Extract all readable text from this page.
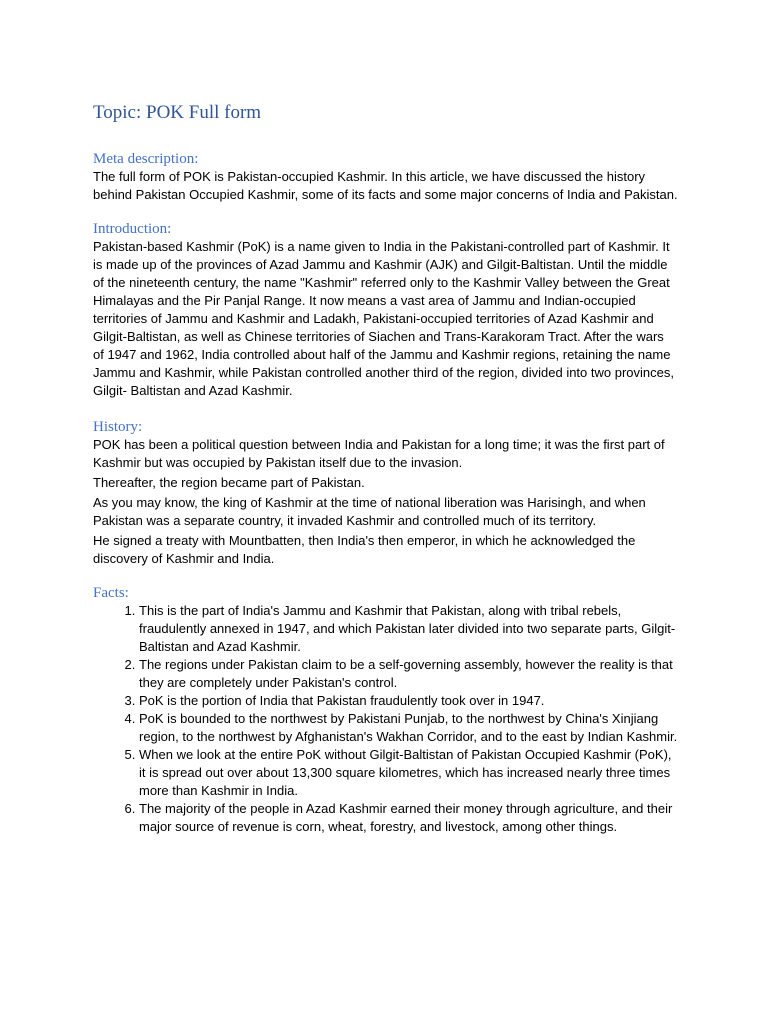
Topic: POK Full form
Meta description:

The full form of POK is Pakistan-occupied Kashmir. In this article, we have discussed the history behind Pakistan Occupied Kashmir, some of its facts and some major concerns of India and Pakistan.

Introduction:

Pakistan-based Kashmir (PoK) is a name given to India in the Pakistani-controlled part of Kashmir. It is made up of the provinces of Azad Jammu and Kashmir (AJK) and Gilgit-Baltistan. Until the middle of the nineteenth century, the name "Kashmir" referred only to the Kashmir Valley between the Great Himalayas and the Pir Panjal Range. It now means a vast area of Jammu and Indian-occupied territories of Jammu and Kashmir and Ladakh, Pakistani-occupied territories of Azad Kashmir and Gilgit-Baltistan, as well as Chinese territories of Siachen and Trans-Karakoram Tract. After the wars of 1947 and 1962, India controlled about half of the Jammu and Kashmir regions, retaining the name Jammu and Kashmir, while Pakistan controlled another third of the region, divided into two provinces, Gilgit- Baltistan and Azad Kashmir.

History:

POK has been a political question between India and Pakistan for a long time; it was the first part of Kashmir but was occupied by Pakistan itself due to the invasion.

Thereafter, the region became part of Pakistan.

As you may know, the king of Kashmir at the time of national liberation was Harisingh, and when Pakistan was a separate country, it invaded Kashmir and controlled much of its territory.

He signed a treaty with Mountbatten, then India's then emperor, in which he acknowledged the discovery of Kashmir and India.

Facts:
1. This is the part of India's Jammu and Kashmir that Pakistan, along with tribal rebels, fraudulently annexed in 1947, and which Pakistan later divided into two separate parts, Gilgit-Baltistan and Azad Kashmir.
2. The regions under Pakistan claim to be a self-governing assembly, however the reality is that they are completely under Pakistan's control.
3. PoK is the portion of India that Pakistan fraudulently took over in 1947.
4. PoK is bounded to the northwest by Pakistani Punjab, to the northwest by China's Xinjiang region, to the northwest by Afghanistan's Wakhan Corridor, and to the east by Indian Kashmir.
5. When we look at the entire PoK without Gilgit-Baltistan of Pakistan Occupied Kashmir (PoK), it is spread out over about 13,300 square kilometres, which has increased nearly three times more than Kashmir in India.
6. The majority of the people in Azad Kashmir earned their money through agriculture, and their major source of revenue is corn, wheat, forestry, and livestock, among other things.
